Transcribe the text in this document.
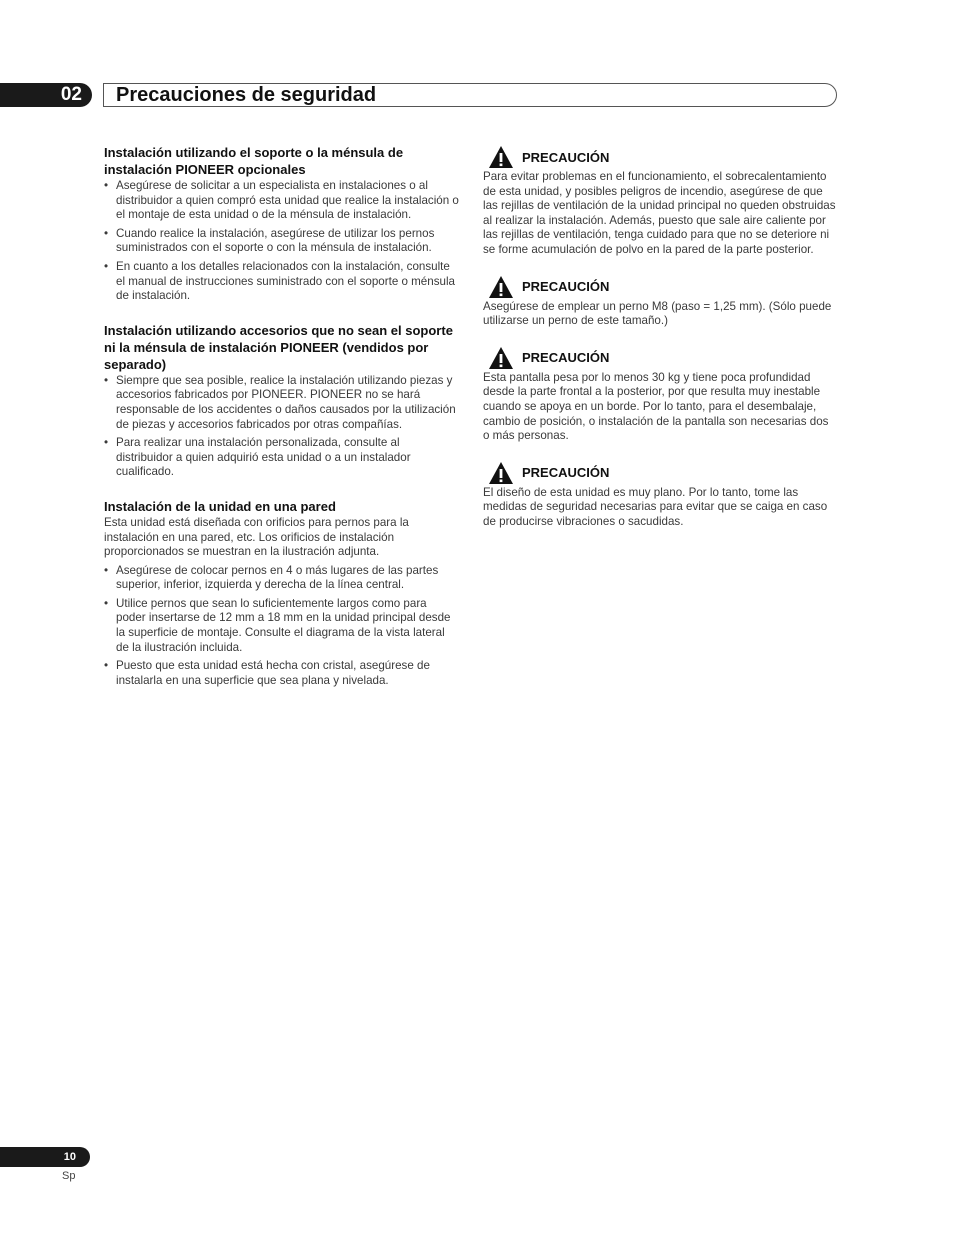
02 Precauciones de seguridad

Instalación utilizando el soporte o la ménsula de instalación PIONEER opcionales

• Asegúrese de solicitar a un especialista en instalaciones o al distribuidor a quien compró esta unidad que realice la instalación o el montaje de esta unidad o de la ménsula de instalación.
• Cuando realice la instalación, asegúrese de utilizar los pernos suministrados con el soporte o con la ménsula de instalación.
• En cuanto a los detalles relacionados con la instalación, consulte el manual de instrucciones suministrado con el soporte o ménsula de instalación.

Instalación utilizando accesorios que no sean el soporte ni la ménsula de instalación PIONEER (vendidos por separado)

• Siempre que sea posible, realice la instalación utilizando piezas y accesorios fabricados por PIONEER. PIONEER no se hará responsable de los accidentes o daños causados por la utilización de piezas y accesorios fabricados por otras compañías.
• Para realizar una instalación personalizada, consulte al distribuidor a quien adquirió esta unidad o a un instalador cualificado.

Instalación de la unidad en una pared

Esta unidad está diseñada con orificios para pernos para la instalación en una pared, etc. Los orificios de instalación proporcionados se muestran en la ilustración adjunta.

• Asegúrese de colocar pernos en 4 o más lugares de las partes superior, inferior, izquierda y derecha de la línea central.
• Utilice pernos que sean lo suficientemente largos como para poder insertarse de 12 mm a 18 mm en la unidad principal desde la superficie de montaje. Consulte el diagrama de la vista lateral de la ilustración incluida.
• Puesto que esta unidad está hecha con cristal, asegúrese de instalarla en una superficie que sea plana y nivelada.
PRECAUCIÓN

Para evitar problemas en el funcionamiento, el sobrecalentamiento de esta unidad, y posibles peligros de incendio, asegúrese de que las rejillas de ventilación de la unidad principal no queden obstruidas al realizar la instalación. Además, puesto que sale aire caliente por las rejillas de ventilación, tenga cuidado para que no se deteriore ni se forme acumulación de polvo en la pared de la parte posterior.

PRECAUCIÓN

Asegúrese de emplear un perno M8 (paso = 1,25 mm). (Sólo puede utilizarse un perno de este tamaño.)

PRECAUCIÓN

Esta pantalla pesa por lo menos 30 kg y tiene poca profundidad desde la parte frontal a la posterior, por que resulta muy inestable cuando se apoya en un borde. Por lo tanto, para el desembalaje, cambio de posición, o instalación de la pantalla son necesarias dos o más personas.

PRECAUCIÓN

El diseño de esta unidad es muy plano. Por lo tanto, tome las medidas de seguridad necesarias para evitar que se caiga en caso de producirse vibraciones o sacudidas.

10
Sp
